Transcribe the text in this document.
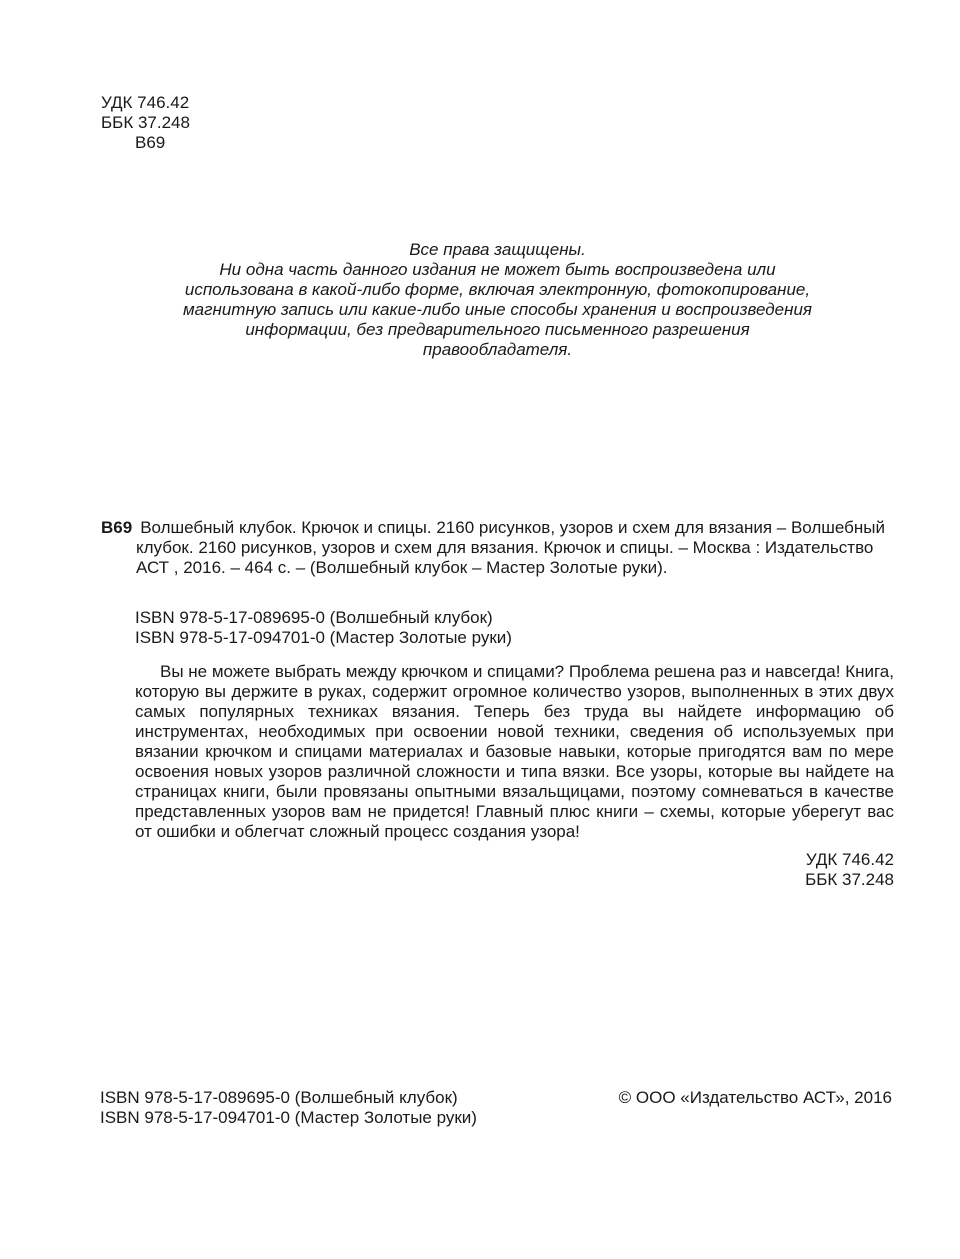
УДК 746.42
ББК 37.248
В69
Все права защищены.
Ни одна часть данного издания не может быть воспроизведена или
использована в какой-либо форме, включая электронную, фотокопирование,
магнитную запись или какие-либо иные способы хранения и воспроизведения
информации, без предварительного письменного разрешения
правообладателя.
В69 Волшебный клубок. Крючок и спицы. 2160 рисунков, узоров и схем для вязания – Волшебный
клубок. 2160 рисунков, узоров и схем для вязания. Крючок и спицы. – Москва : Издательство
АСТ , 2016. – 464 с. – (Волшебный клубок – Мастер Золотые руки).
ISBN 978-5-17-089695-0 (Волшебный клубок)
ISBN 978-5-17-094701-0 (Мастер Золотые руки)

Вы не можете выбрать между крючком и спицами? Проблема решена раз и навсегда! Книга, которую вы держите в руках, содержит огромное количество узоров, выполненных в этих двух самых популярных техниках вязания. Теперь без труда вы найдете информацию об инструментах, необходимых при освоении новой техники, сведения об используемых при вязании крючком и спицами материалах и базовые навыки, которые пригодятся вам по мере освоения новых узоров различной сложности и типа вязки. Все узоры, которые вы найдете на страницах книги, были провязаны опытными вязальщицами, поэтому сомневаться в качестве представленных узоров вам не придется! Главный плюс книги – схемы, которые уберегут вас от ошибки и облегчат сложный процесс создания узора!

УДК 746.42
ББК 37.248
ISBN 978-5-17-089695-0 (Волшебный клубок)
ISBN 978-5-17-094701-0 (Мастер Золотые руки)
© ООО «Издательство АСТ», 2016
